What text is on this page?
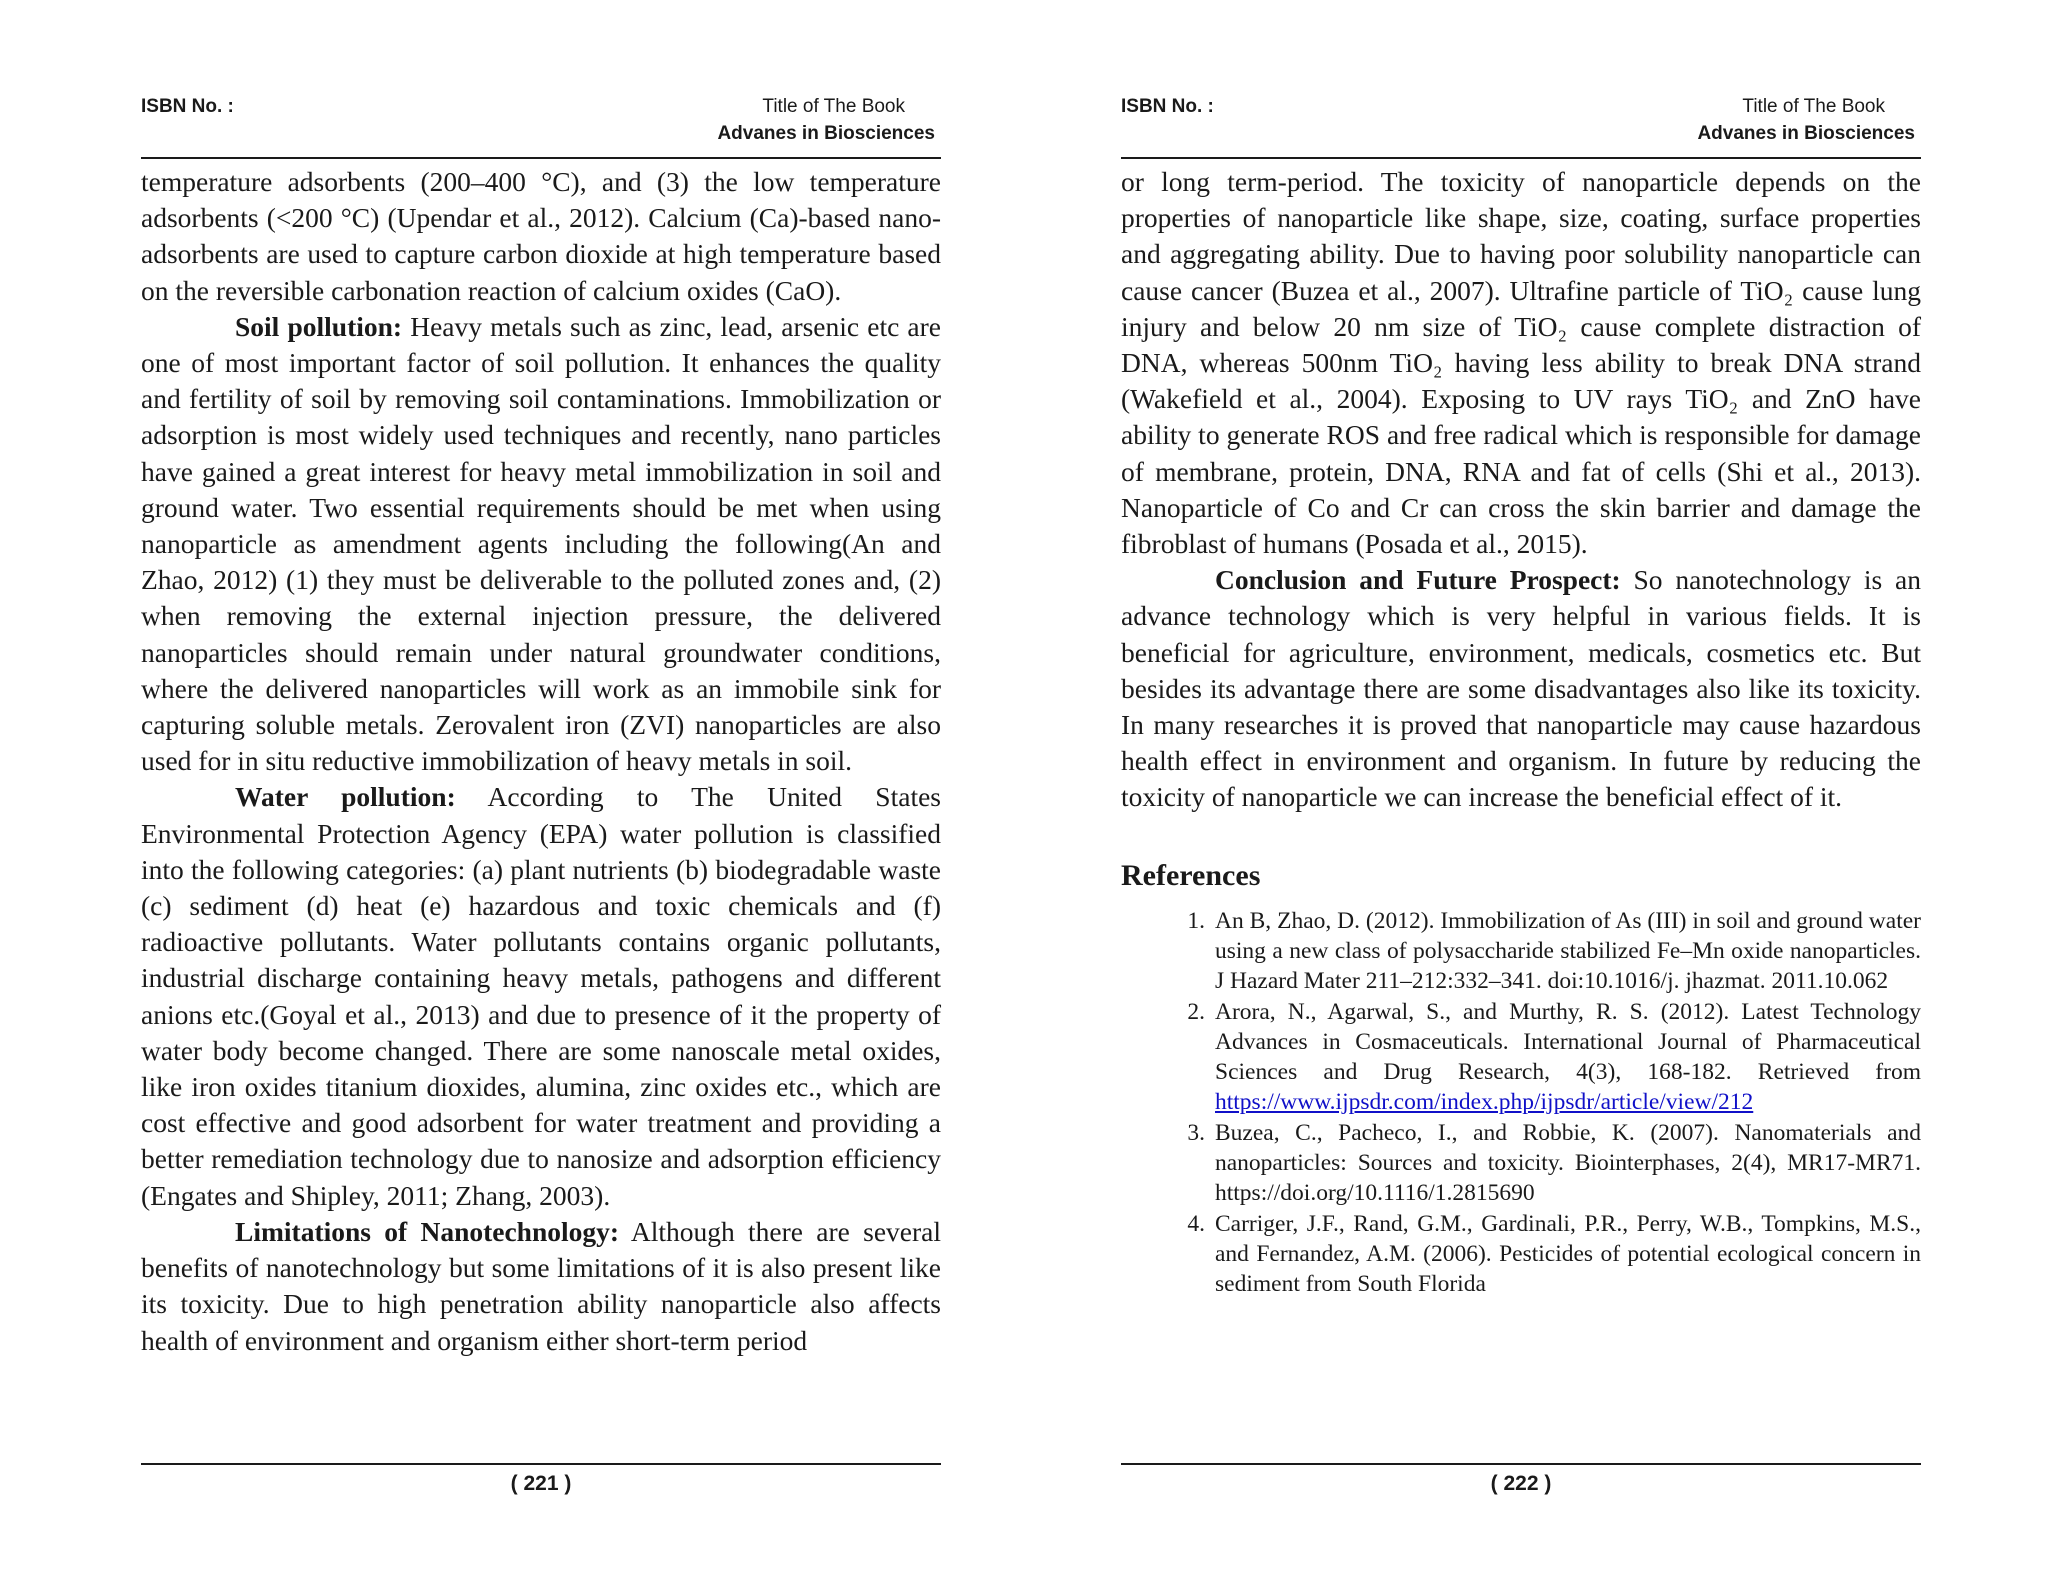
ISBN No. :	Title of The Book
Advanes in Biosciences

temperature adsorbents (200–400 °C), and (3) the low temperature adsorbents (<200 °C) (Upendar et al., 2012). Calcium (Ca)-based nano-adsorbents are used to capture carbon dioxide at high temperature based on the reversible carbonation reaction of calcium oxides (CaO).

Soil pollution: Heavy metals such as zinc, lead, arsenic etc are one of most important factor of soil pollution. It enhances the quality and fertility of soil by removing soil contaminations. Immobilization or adsorption is most widely used techniques and recently, nano particles have gained a great interest for heavy metal immobilization in soil and ground water. Two essential requirements should be met when using nanoparticle as amendment agents including the following(An and Zhao, 2012) (1) they must be deliverable to the polluted zones and, (2) when removing the external injection pressure, the delivered nanoparticles should remain under natural groundwater conditions, where the delivered nanoparticles will work as an immobile sink for capturing soluble metals. Zerovalent iron (ZVI) nanoparticles are also used for in situ reductive immobilization of heavy metals in soil.

Water pollution: According to The United States Environmental Protection Agency (EPA) water pollution is classified into the following categories: (a) plant nutrients (b) biodegradable waste (c) sediment (d) heat (e) hazardous and toxic chemicals and (f) radioactive pollutants. Water pollutants contains organic pollutants, industrial discharge containing heavy metals, pathogens and different anions etc.(Goyal et al., 2013) and due to presence of it the property of water body become changed. There are some nanoscale metal oxides, like iron oxides titanium dioxides, alumina, zinc oxides etc., which are cost effective and good adsorbent for water treatment and providing a better remediation technology due to nanosize and adsorption efficiency (Engates and Shipley, 2011; Zhang, 2003).

Limitations of Nanotechnology: Although there are several benefits of nanotechnology but some limitations of it is also present like its toxicity. Due to high penetration ability nanoparticle also affects health of environment and organism either short-term period

( 221 )
ISBN No. :	Title of The Book
Advanes in Biosciences

or long term-period. The toxicity of nanoparticle depends on the properties of nanoparticle like shape, size, coating, surface properties and aggregating ability. Due to having poor solubility nanoparticle can cause cancer (Buzea et al., 2007). Ultrafine particle of TiO₂ cause lung injury and below 20 nm size of TiO₂ cause complete distraction of DNA, whereas 500nm TiO₂ having less ability to break DNA strand (Wakefield et al., 2004). Exposing to UV rays TiO₂ and ZnO have ability to generate ROS and free radical which is responsible for damage of membrane, protein, DNA, RNA and fat of cells (Shi et al., 2013). Nanoparticle of Co and Cr can cross the skin barrier and damage the fibroblast of humans (Posada et al., 2015).

Conclusion and Future Prospect: So nanotechnology is an advance technology which is very helpful in various fields. It is beneficial for agriculture, environment, medicals, cosmetics etc. But besides its advantage there are some disadvantages also like its toxicity. In many researches it is proved that nanoparticle may cause hazardous health effect in environment and organism. In future by reducing the toxicity of nanoparticle we can increase the beneficial effect of it.

References
1. An B, Zhao, D. (2012). Immobilization of As (III) in soil and ground water using a new class of polysaccharide stabilized Fe–Mn oxide nanoparticles. J Hazard Mater 211–212:332–341. doi:10.1016/j. jhazmat. 2011.10.062
2. Arora, N., Agarwal, S., and Murthy, R. S. (2012). Latest Technology Advances in Cosmaceuticals. International Journal of Pharmaceutical Sciences and Drug Research, 4(3), 168-182. Retrieved from https://www.ijpsdr.com/index.php/ijpsdr/article/view/212
3. Buzea, C., Pacheco, I., and Robbie, K. (2007). Nanomaterials and nanoparticles: Sources and toxicity. Biointerphases, 2(4), MR17-MR71. https://doi.org/10.1116/1.2815690
4. Carriger, J.F., Rand, G.M., Gardinali, P.R., Perry, W.B., Tompkins, M.S., and Fernandez, A.M. (2006). Pesticides of potential ecological concern in sediment from South Florida
( 222 )
